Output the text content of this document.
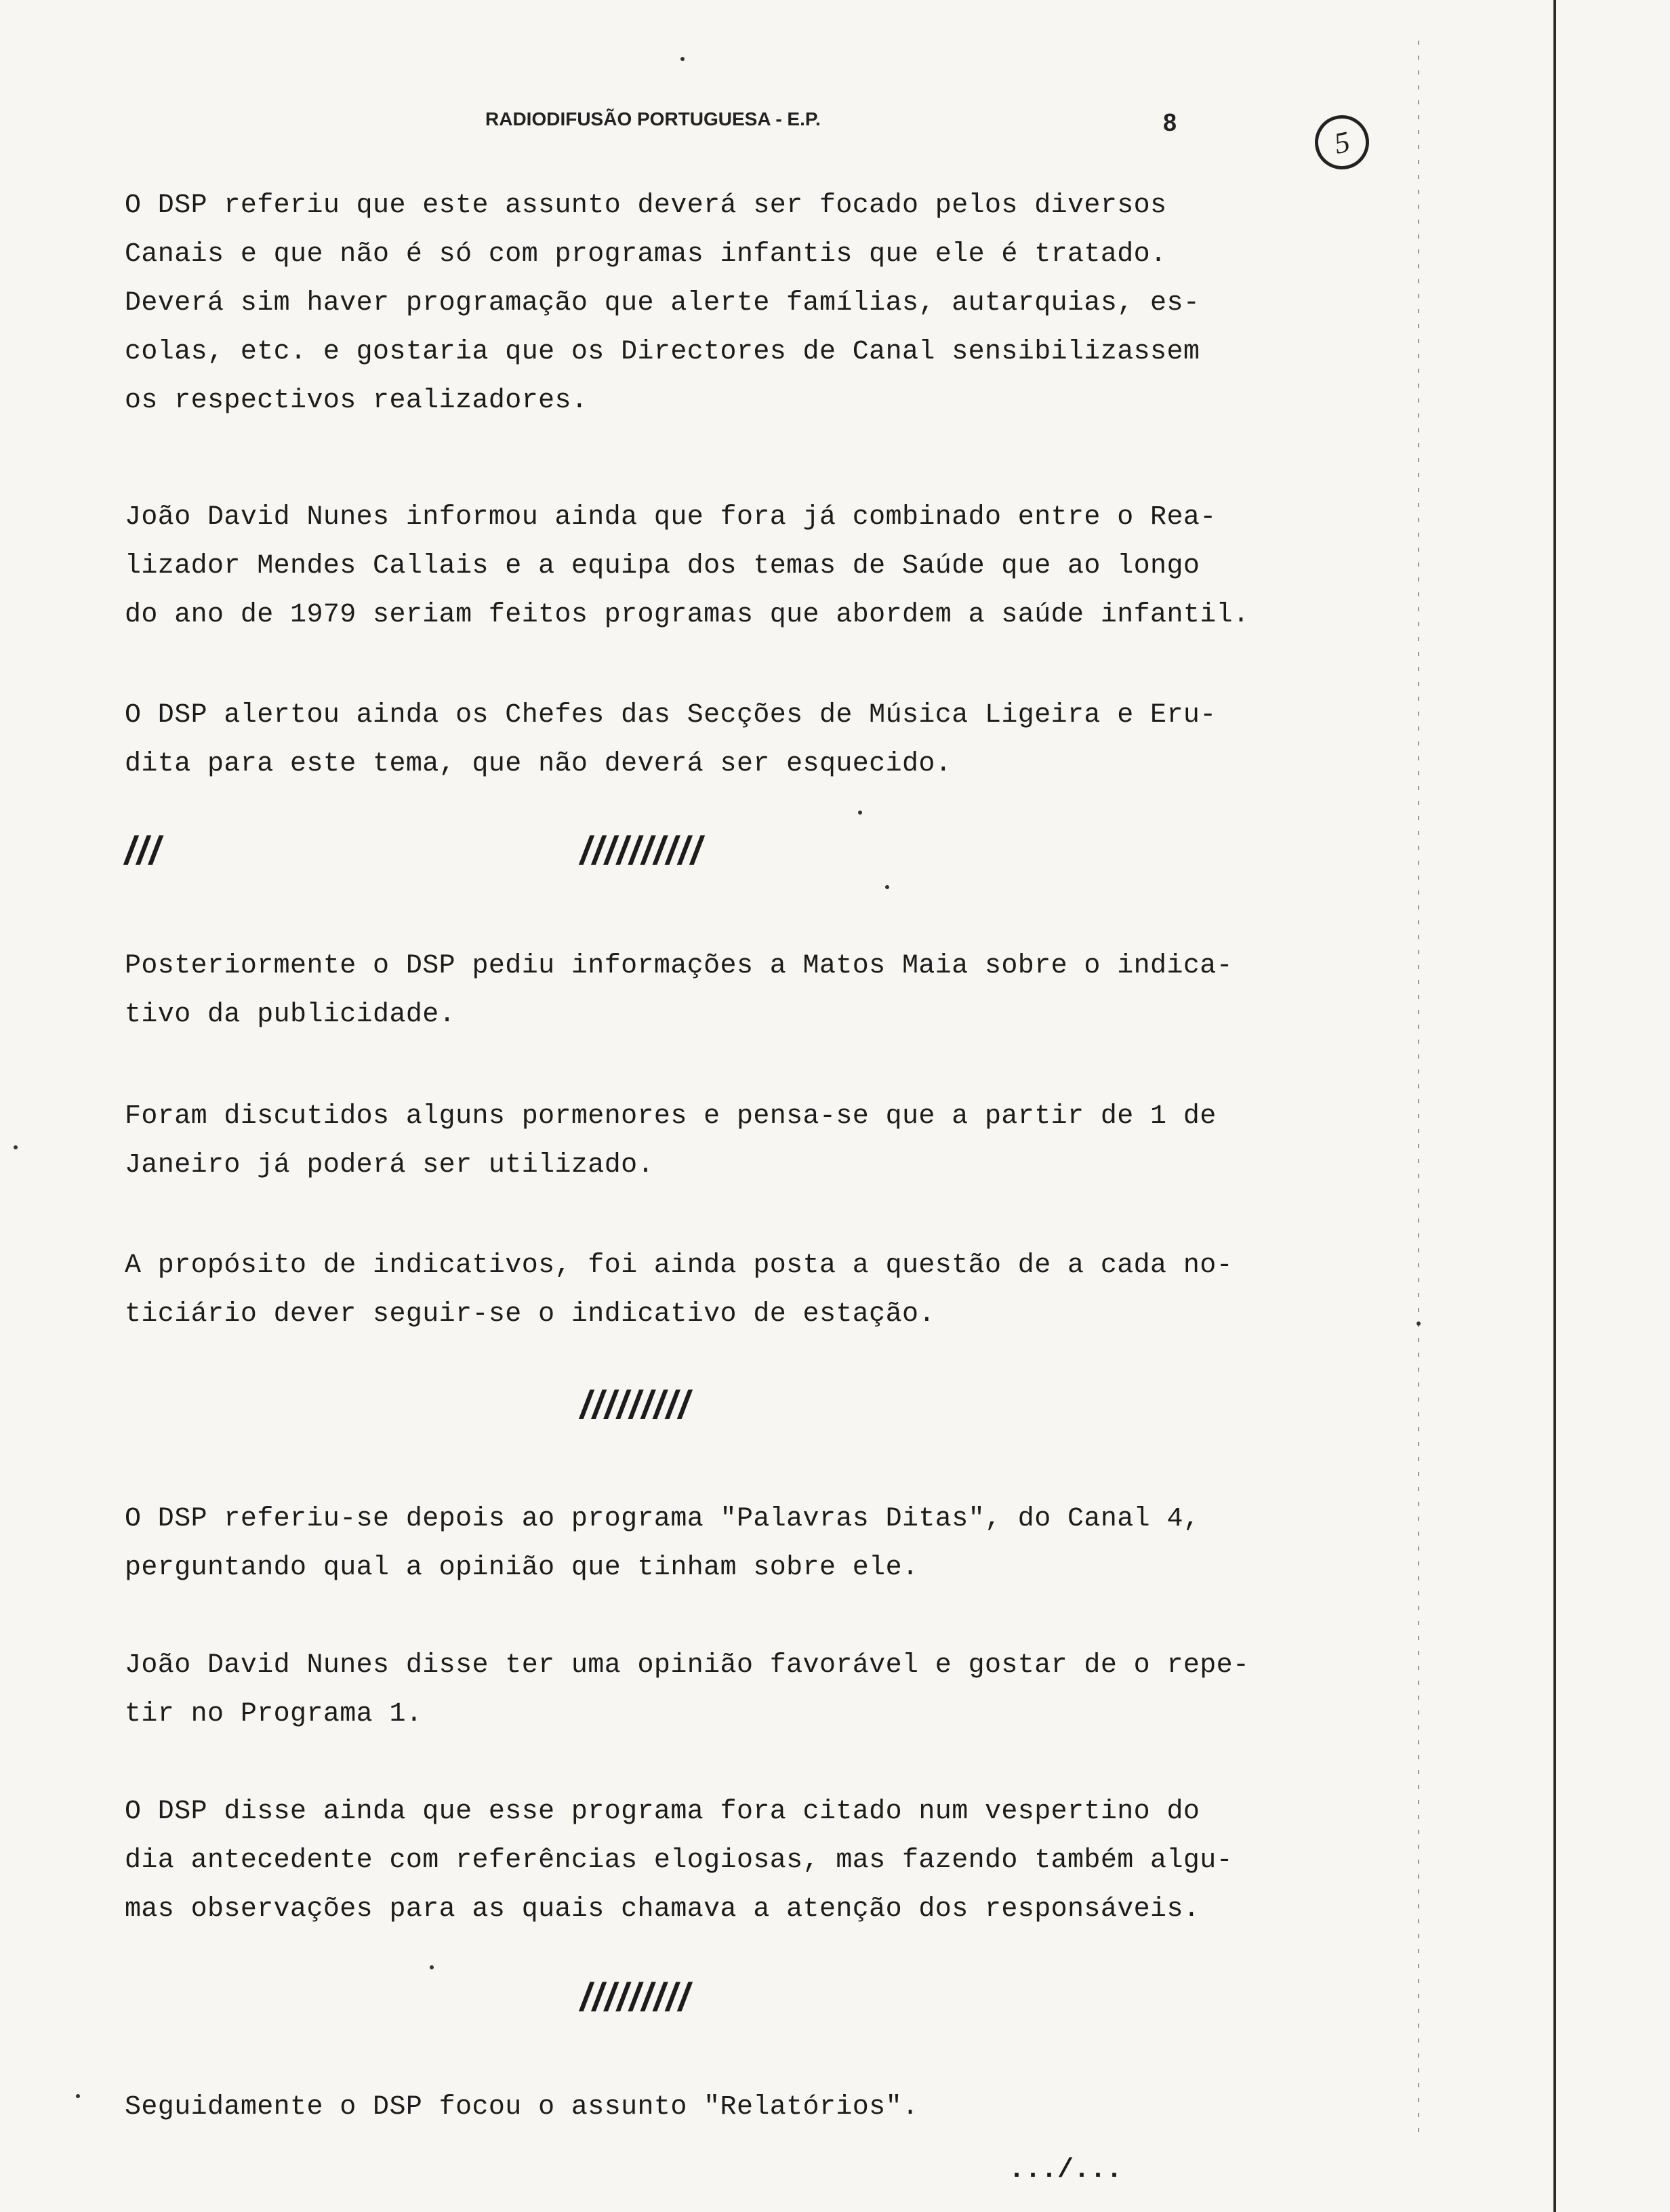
RADIODIFUSÃO PORTUGUESA - E.P.	8
5
O DSP referiu que este assunto deverá ser focado pelos diversos
Canais e que não é só com programas infantis que ele é tratado.
Deverá sim haver programação que alerte famílias, autarquias, es-
colas, etc. e gostaria que os Directores de Canal sensibilizassem
os respectivos realizadores.
João David Nunes informou ainda que fora já combinado entre o Rea-
lizador Mendes Callais e a equipa dos temas de Saúde que ao longo
do ano de 1979 seriam feitos programas que abordem a saúde infantil.
O DSP alertou ainda os Chefes das Secções de Música Ligeira e Eru-
dita para este tema, que não deverá ser esquecido.
///	//////////
Posteriormente o DSP pediu informações a Matos Maia sobre o indica-
tivo da publicidade.
Foram discutidos alguns pormenores e pensa-se que a partir de 1 de
Janeiro já poderá ser utilizado.
A propósito de indicativos, foi ainda posta a questão de a cada no-
ticiário dever seguir-se o indicativo de estação.
/////////
O DSP referiu-se depois ao programa "Palavras Ditas", do Canal 4,
perguntando qual a opinião que tinham sobre ele.
João David Nunes disse ter uma opinião favorável e gostar de o repe-
tir no Programa 1.
O DSP disse ainda que esse programa fora citado num vespertino do
dia antecedente com referências elogiosas, mas fazendo também algu-
mas observações para as quais chamava a atenção dos responsáveis.
/////////
Seguidamente o DSP focou o assunto "Relatórios".
.../...
